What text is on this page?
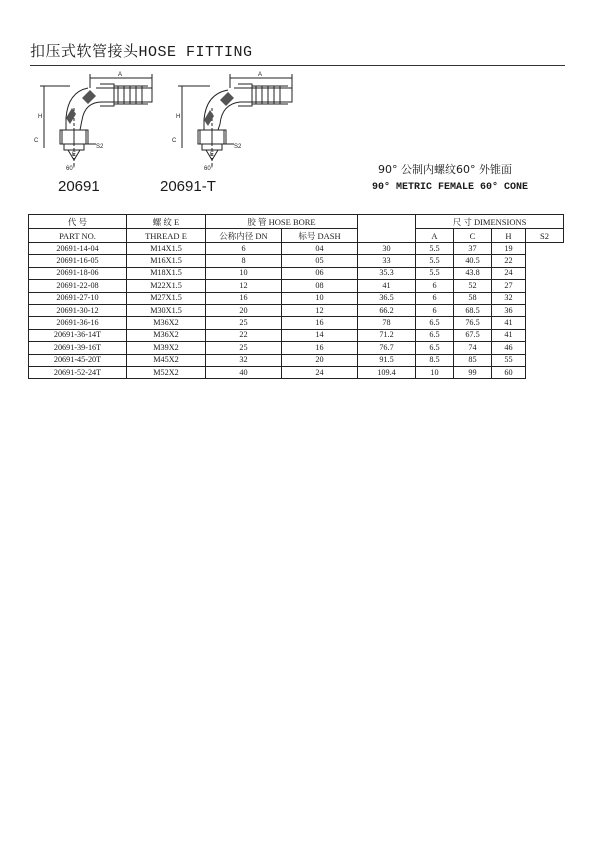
扣压式软管接头HOSE FITTING
A
H
C
E
S2
60°
20691
A
H
C
E
S2
60°
20691-T
90° 公制内螺纹60° 外锥面
90° METRIC FEMALE 60° CONE
代 号	螺 纹 E	胶 管 HOSE BORE			尺 寸 DIMENSIONS			
PART NO.	THREAD E	公称内径 DN	标号 DASH		A	C	H	S2
20691-14-04	M14X1.5	6	04	30	5.5	37	19	
20691-16-05	M16X1.5	8	05	33	5.5	40.5	22	
20691-18-06	M18X1.5	10	06	35.3	5.5	43.8	24	
20691-22-08	M22X1.5	12	08	41	6	52	27	
20691-27-10	M27X1.5	16	10	36.5	6	58	32	
20691-30-12	M30X1.5	20	12	66.2	6	68.5	36	
20691-36-16	M36X2	25	16	78	6.5	76.5	41	
20691-36-14T	M36X2	22	14	71.2	6.5	67.5	41	
20691-39-16T	M39X2	25	16	76.7	6.5	74	46	
20691-45-20T	M45X2	32	20	91.5	8.5	85	55	
20691-52-24T	M52X2	40	24	109.4	10	99	60	
